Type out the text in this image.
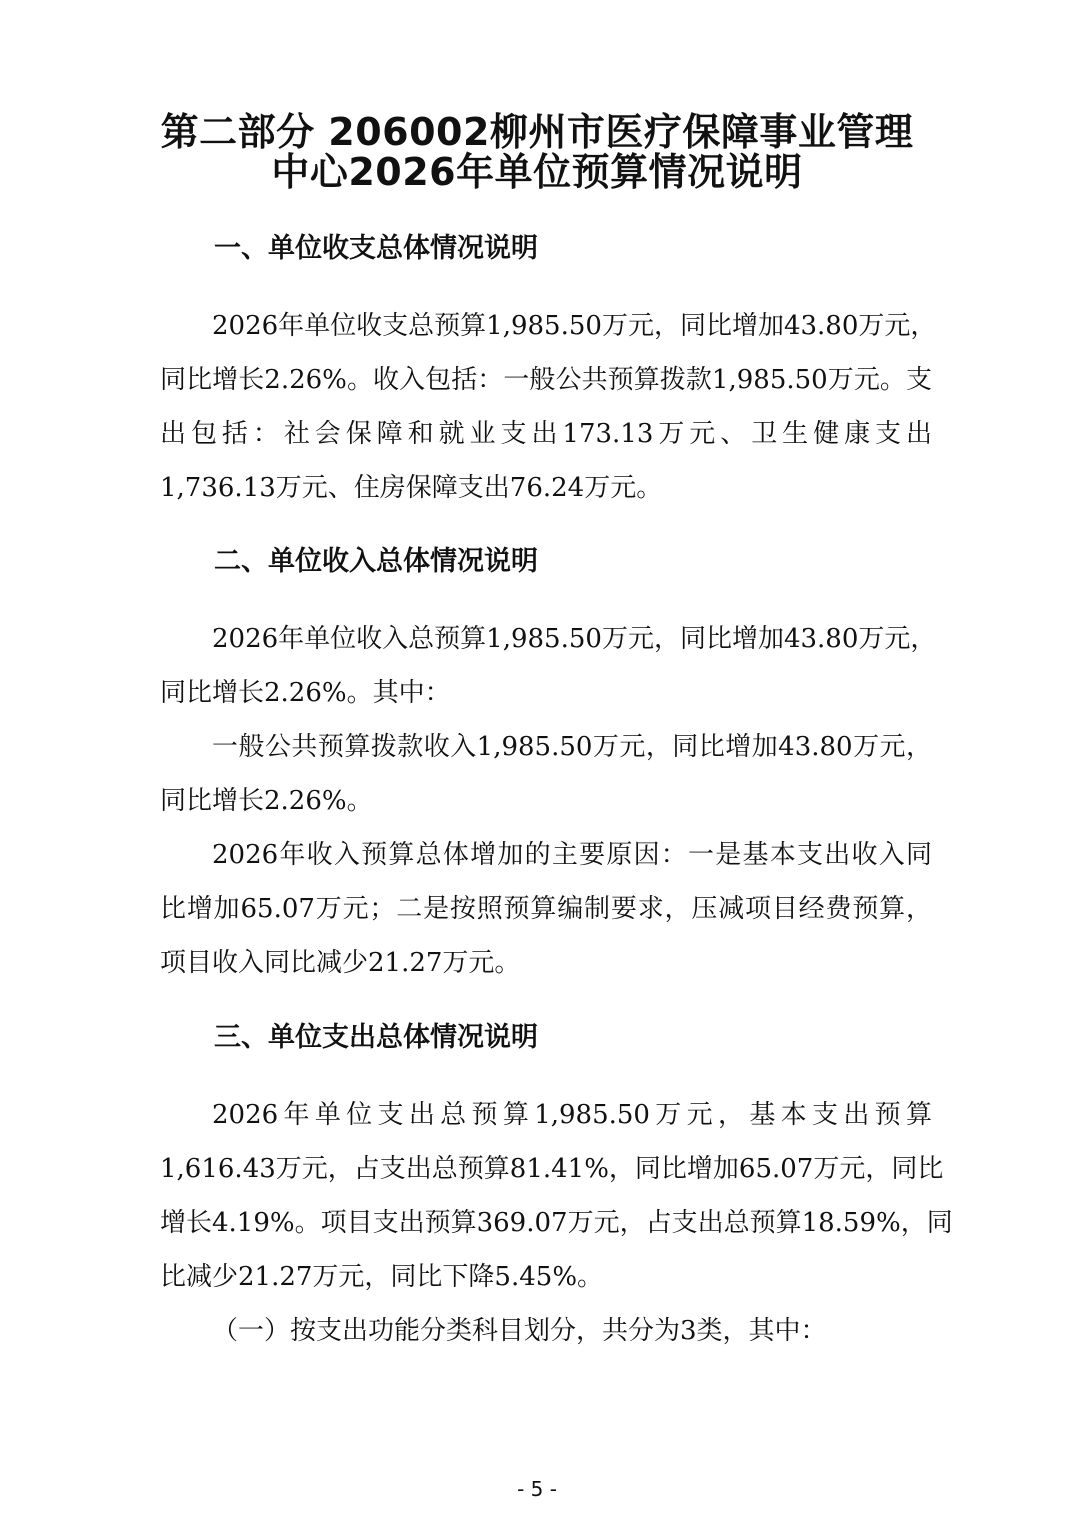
第二部分 206002柳州市医疗保障事业管理
中心2026年单位预算情况说明
一、单位收支总体情况说明
2026年单位收支总预算1,985.50万元，同比增加43.80万元，
同比增长2.26%。收入包括：一般公共预算拨款1,985.50万元。支
出包括：社会保障和就业支出173.13万元、卫生健康支出
1,736.13万元、住房保障支出76.24万元。
二、单位收入总体情况说明
2026年单位收入总预算1,985.50万元，同比增加43.80万元，
同比增长2.26%。其中：
一般公共预算拨款收入1,985.50万元，同比增加43.80万元，
同比增长2.26%。
2026年收入预算总体增加的主要原因：一是基本支出收入同
比增加65.07万元；二是按照预算编制要求，压减项目经费预算，
项目收入同比减少21.27万元。
三、单位支出总体情况说明
2026年单位支出总预算1,985.50万元，基本支出预算
1,616.43万元，占支出总预算81.41%，同比增加65.07万元，同比
增长4.19%。项目支出预算369.07万元，占支出总预算18.59%，同
比减少21.27万元，同比下降5.45%。
（一）按支出功能分类科目划分，共分为3类，其中：
- 5 -
